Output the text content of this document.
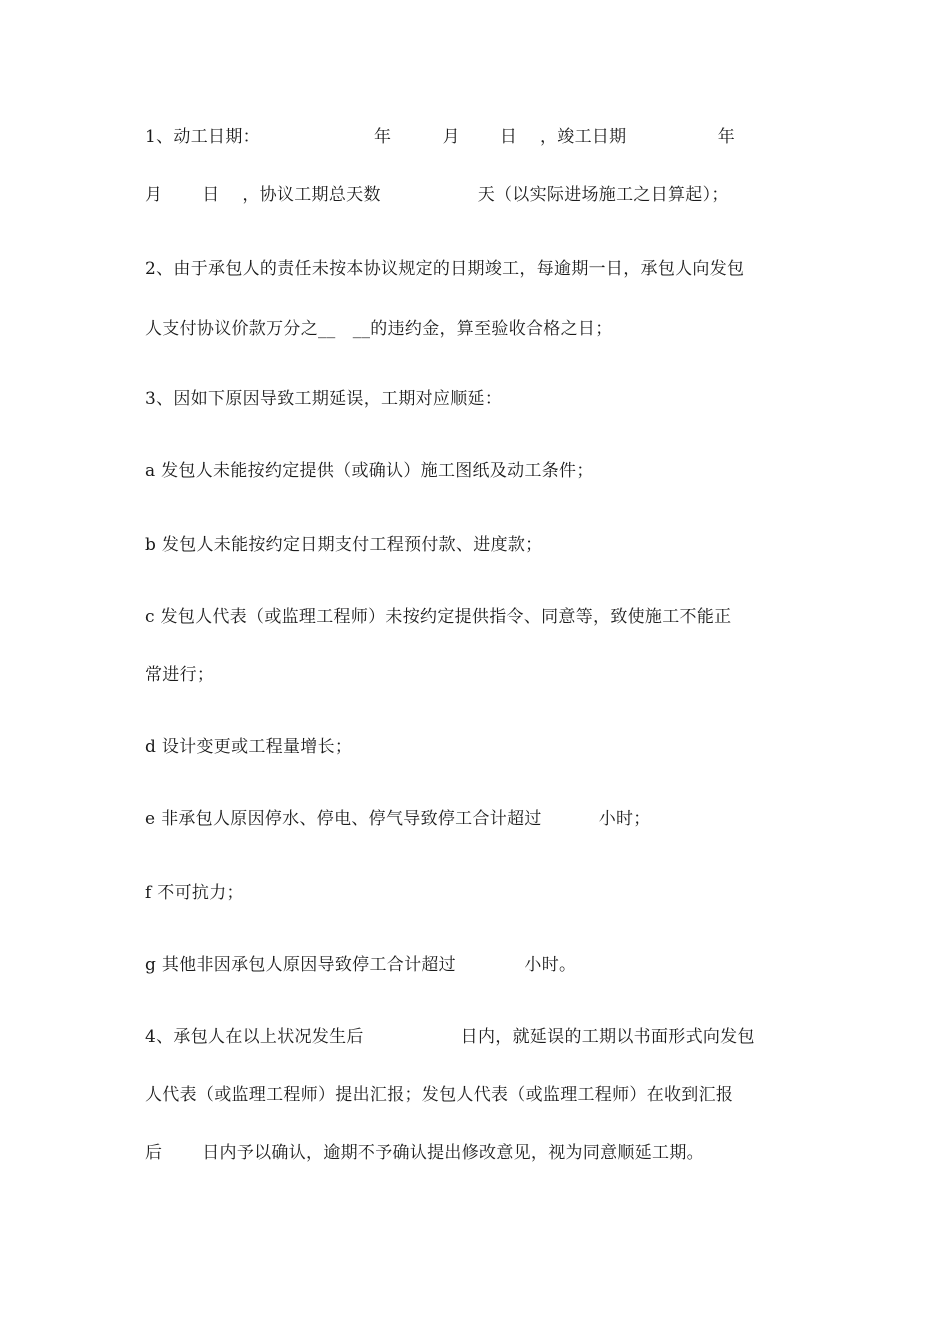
1、动工日期：                    年         月       日    ，竣工日期                年
月       日    ，协议工期总天数                 天（以实际进场施工之日算起）；
2、由于承包人的责任未按本协议规定的日期竣工，每逾期一日，承包人向发包
人支付协议价款万分之__   __的违约金，算至验收合格之日；
3、因如下原因导致工期延误，工期对应顺延：
a 发包人未能按约定提供（或确认）施工图纸及动工条件；
b 发包人未能按约定日期支付工程预付款、进度款；
c 发包人代表（或监理工程师）未按约定提供指令、同意等，致使施工不能正
常进行；
d 设计变更或工程量增长；
e 非承包人原因停水、停电、停气导致停工合计超过          小时；
f 不可抗力；
g 其他非因承包人原因导致停工合计超过            小时。
4、承包人在以上状况发生后                 日内，就延误的工期以书面形式向发包
人代表（或监理工程师）提出汇报；发包人代表（或监理工程师）在收到汇报
后       日内予以确认，逾期不予确认提出修改意见，视为同意顺延工期。
